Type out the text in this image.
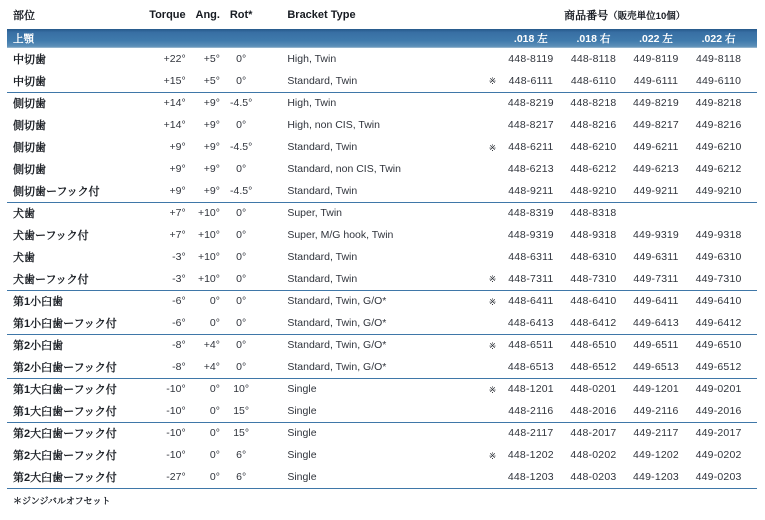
部位	Torque	Ang.	Rot*	Bracket Type		商品番号（販売単位10個）				
上顎						.018 左	.018 右	.022 左	.022 右	
中切歯	+22°	+5°	0°	High, Twin		448-8119	448-8118	449-8119	449-8118	
中切歯	+15°	+5°	0°	Standard, Twin	※	448-6111	448-6110	449-6111	449-6110	
側切歯	+14°	+9°	-4.5°	High, Twin		448-8219	448-8218	449-8219	449-8218	
側切歯	+14°	+9°	0°	High, non CIS, Twin		448-8217	448-8216	449-8217	449-8216	
側切歯	+9°	+9°	-4.5°	Standard, Twin	※	448-6211	448-6210	449-6211	449-6210	
側切歯	+9°	+9°	0°	Standard, non CIS, Twin		448-6213	448-6212	449-6213	449-6212	
側切歯ーフック付	+9°	+9°	-4.5°	Standard, Twin		448-9211	448-9210	449-9211	449-9210	
犬歯	+7°	+10°	0°	Super, Twin		448-8319	448-8318			
犬歯ーフック付	+7°	+10°	0°	Super, M/G hook, Twin		448-9319	448-9318	449-9319	449-9318	
犬歯	-3°	+10°	0°	Standard, Twin		448-6311	448-6310	449-6311	449-6310	
犬歯ーフック付	-3°	+10°	0°	Standard, Twin	※	448-7311	448-7310	449-7311	449-7310	
第1小臼歯	-6°	0°	0°	Standard, Twin, G/O*	※	448-6411	448-6410	449-6411	449-6410	
第1小臼歯ーフック付	-6°	0°	0°	Standard, Twin, G/O*		448-6413	448-6412	449-6413	449-6412	
第2小臼歯	-8°	+4°	0°	Standard, Twin, G/O*	※	448-6511	448-6510	449-6511	449-6510	
第2小臼歯ーフック付	-8°	+4°	0°	Standard, Twin, G/O*		448-6513	448-6512	449-6513	449-6512	
第1大臼歯ーフック付	-10°	0°	10°	Single	※	448-1201	448-0201	449-1201	449-0201	
第1大臼歯ーフック付	-10°	0°	15°	Single		448-2116	448-2016	449-2116	449-2016	
第2大臼歯ーフック付	-10°	0°	15°	Single		448-2117	448-2017	449-2117	449-2017	
第2大臼歯ーフック付	-10°	0°	6°	Single	※	448-1202	448-0202	449-1202	449-0202	
第2大臼歯ーフック付	-27°	0°	6°	Single		448-1203	448-0203	449-1203	449-0203	
＊ジンジバルオフセット
